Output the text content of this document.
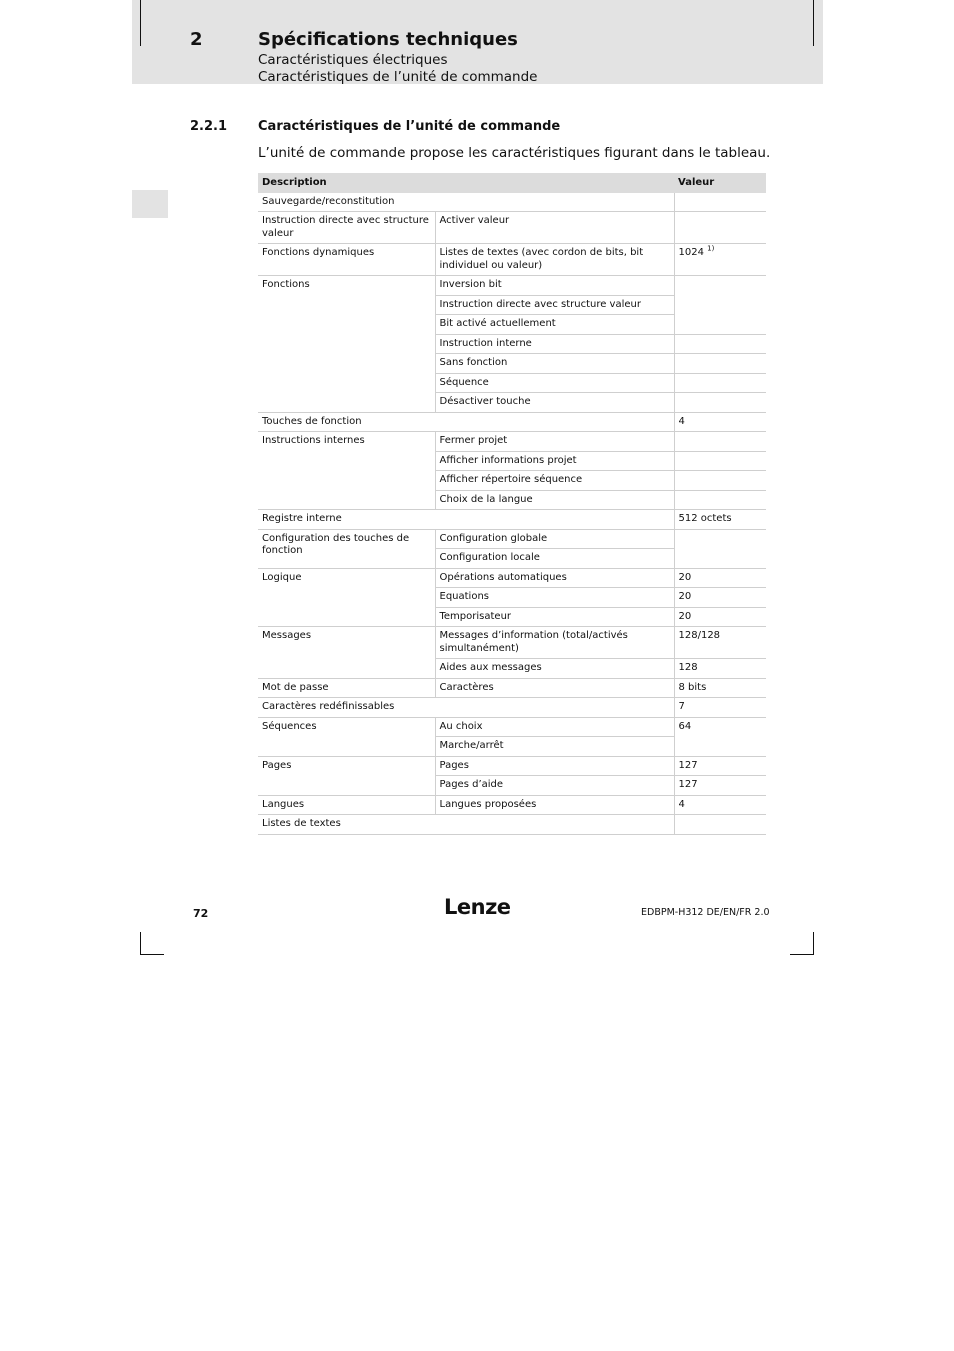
2	Spécifications techniques
Caractéristiques électriques
Caractéristiques de l’unité de commande
2.2.1 Caractéristiques de l’unité de commande
L’unité de commande propose les caractéristiques figurant dans le tableau.
Description		Valeur
Sauvegarde/reconstitution		
Instruction directe avec structure valeur	Activer valeur	
Fonctions dynamiques	Listes de textes (avec cordon de bits, bit individuel ou valeur)	1024 $^{1)}$
Fonctions	Inversion bit	
	Instruction directe avec structure valeur	
	Bit activé actuellement	
	Instruction interne	
	Sans fonction	
	Séquence	
	Désactiver touche	
Touches de fonction		4
Instructions internes	Fermer projet	
	Afficher informations projet	
	Afficher répertoire séquence	
	Choix de la langue	
Registre interne		512 octets
Configuration des touches de fonction	Configuration globale	
	Configuration locale	
Logique	Opérations automatiques	20
	Equations	20
	Temporisateur	20
Messages	Messages d’information (total/activés simultanément)	128/128
	Aides aux messages	128
Mot de passe	Caractères	8 bits
Caractères redéfinissables		7
Séquences	Au choix	64
	Marche/arrêt	
Pages	Pages	127
	Pages d’aide	127
Langues	Langues proposées	4
Listes de textes		
72	Lenze	EDBPM-H312 DE/EN/FR 2.0
